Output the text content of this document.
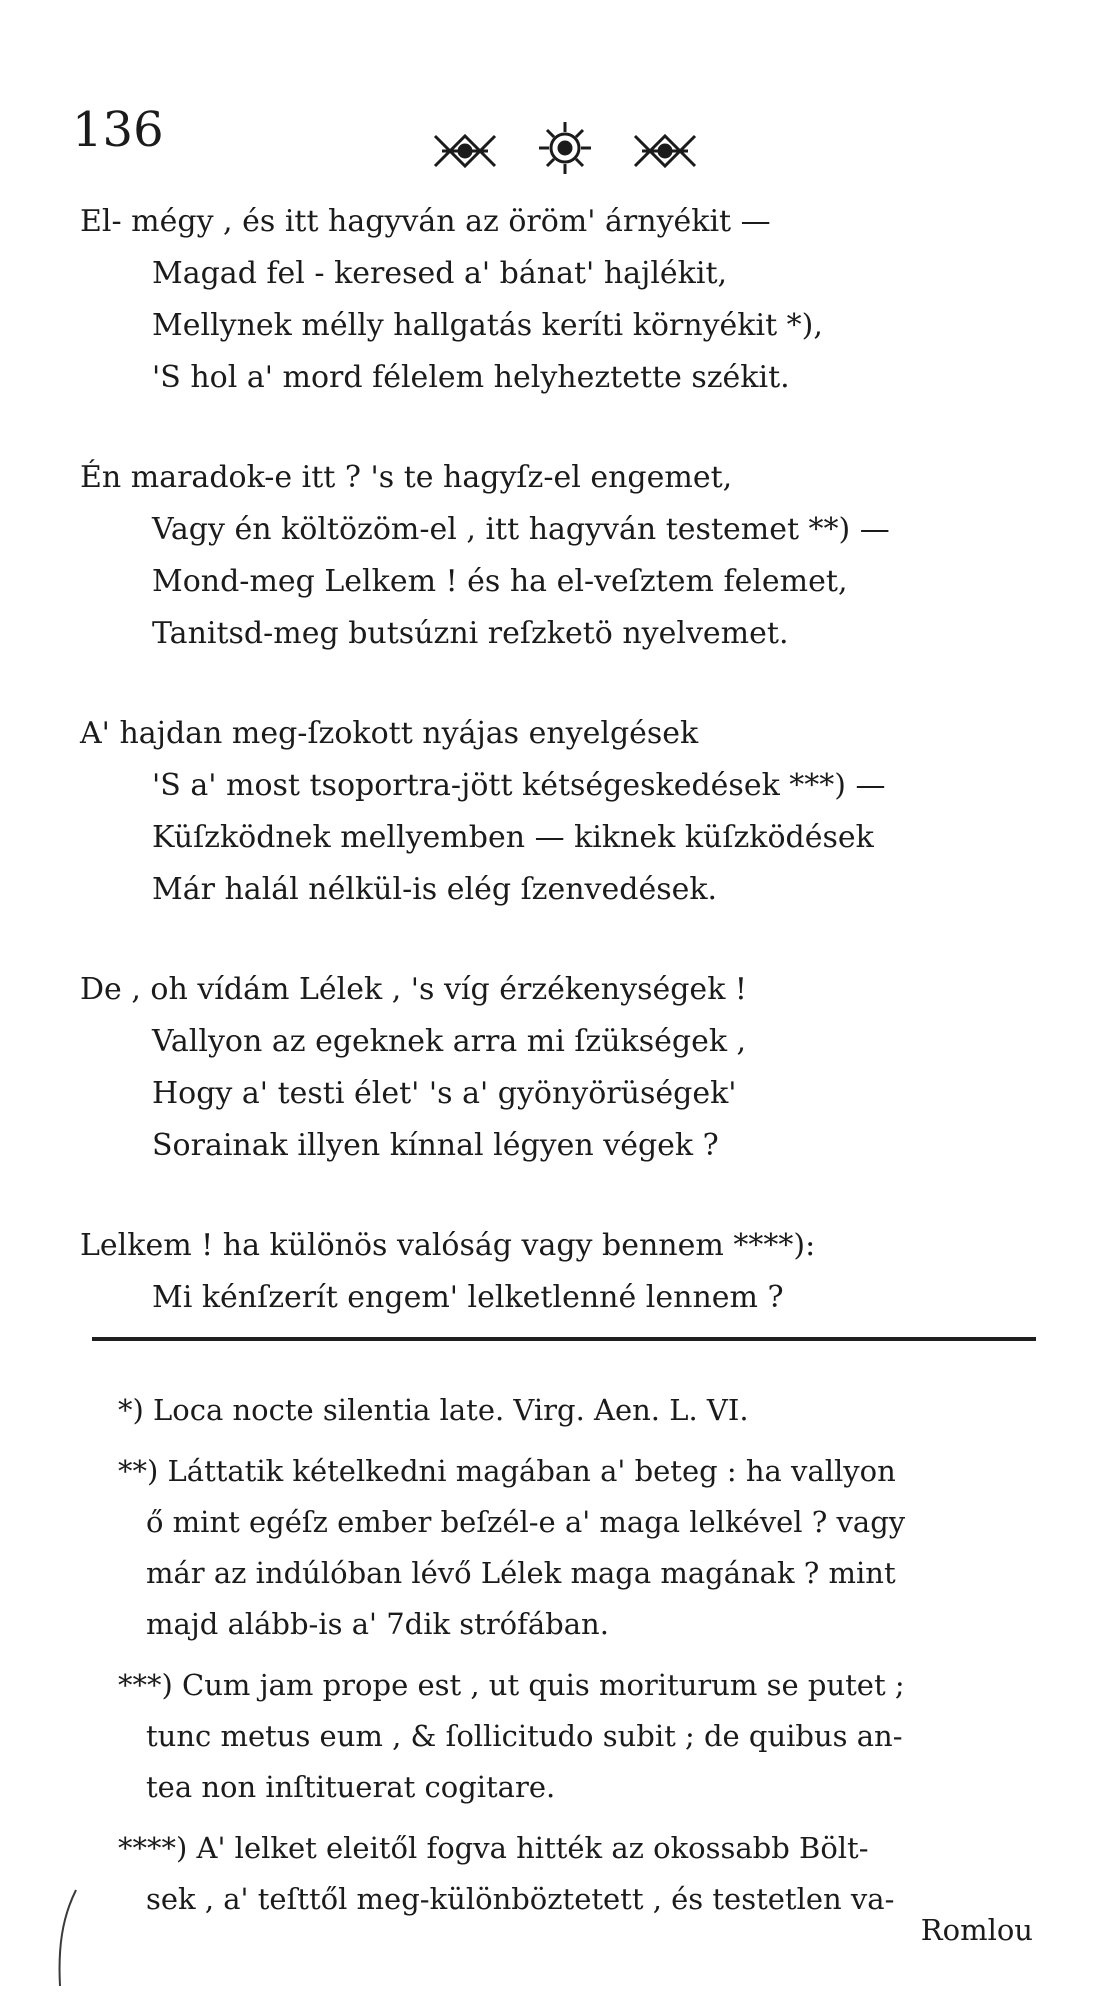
136
El- mégy , és itt hagyván az öröm' árnyékit —
Magad fel - keresed a' bánat' hajlékit,
Mellynek mélly hallgatás keríti környékit *),
'S hol a' mord félelem helyheztette székit.
Én maradok-e itt ? 's te hagyſz-el engemet,
Vagy én költözöm-el , itt hagyván testemet **) —
Mond-meg Lelkem ! és ha el-veſztem felemet,
Tanitsd-meg butsúzni reſzketö nyelvemet.
A' hajdan meg-ſzokott nyájas enyelgések
'S a' most tsoportra-jött kétségeskedések ***) —
Küſzködnek mellyemben — kiknek küſzködések
Már halál nélkül-is elég ſzenvedések.
De , oh vídám Lélek , 's víg érzékenységek !
Vallyon az egeknek arra mi ſzükségek ,
Hogy a' testi élet' 's a' gyönyörüségek'
Sorainak illyen kínnal légyen végek ?
Lelkem ! ha különös valóság vagy bennem ****):
Mi kénſzerít engem' lelketlenné lennem ?
*) Loca nocte silentia late. Virg. Aen. L. VI.
**) Láttatik kételkedni magában a' beteg : ha vallyon
ő mint egéſz ember beſzél-e a' maga lelkével ? vagy
már az indúlóban lévő Lélek maga magának ? mint
majd alább-is a' 7dik strófában.
***) Cum jam prope est , ut quis moriturum se putet ;
tunc metus eum , & ſollicitudo subit ; de quibus an-
tea non inſtituerat cogitare.
****) A' lelket eleitől fogva hitték az okossabb Bölt-
sek , a' teſttől meg-különböztetett , és testetlen va-
Romlou
